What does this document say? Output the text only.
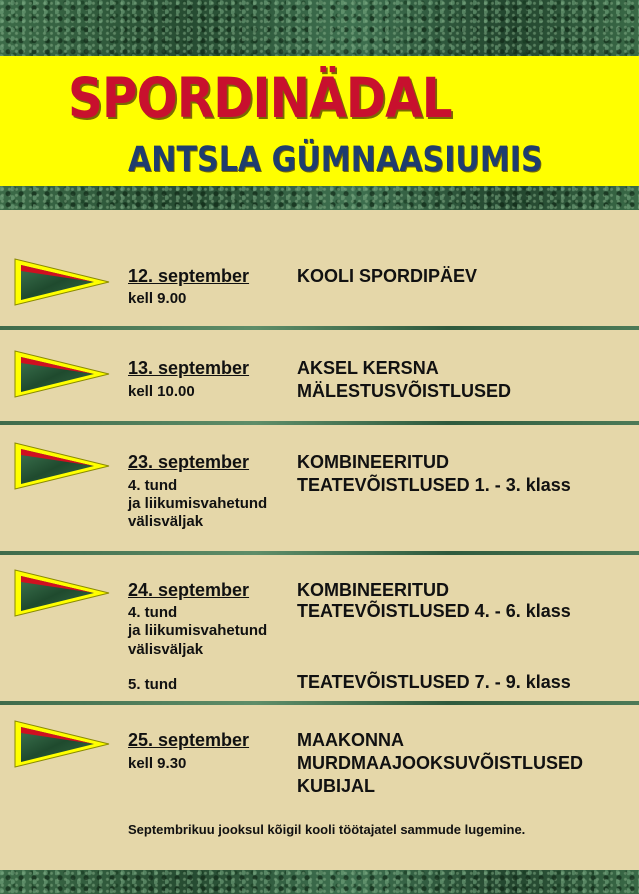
SPORDINÄDAL
ANTSLA GÜMNAASIUMIS
12. september
kell 9.00
KOOLI SPORDIPÄEV
13. september
kell 10.00
AKSEL KERSNA
MÄLESTUSVÕISTLUSED
23. september
4. tund
ja liikumisvahetund
välisväljak
KOMBINEERITUD
TEATEVÕISTLUSED 1. - 3. klass
24. september
4. tund
ja liikumisvahetund
välisväljak
KOMBINEERITUD
TEATEVÕISTLUSED 4. - 6. klass
5. tund	TEATEVÕISTLUSED 7. - 9. klass
25. september
kell 9.30
MAAKONNA
MURDMAAJOOKSUVÕISTLUSED
KUBIJAL
Septembrikuu jooksul kõigil kooli töötajatel sammude lugemine.
